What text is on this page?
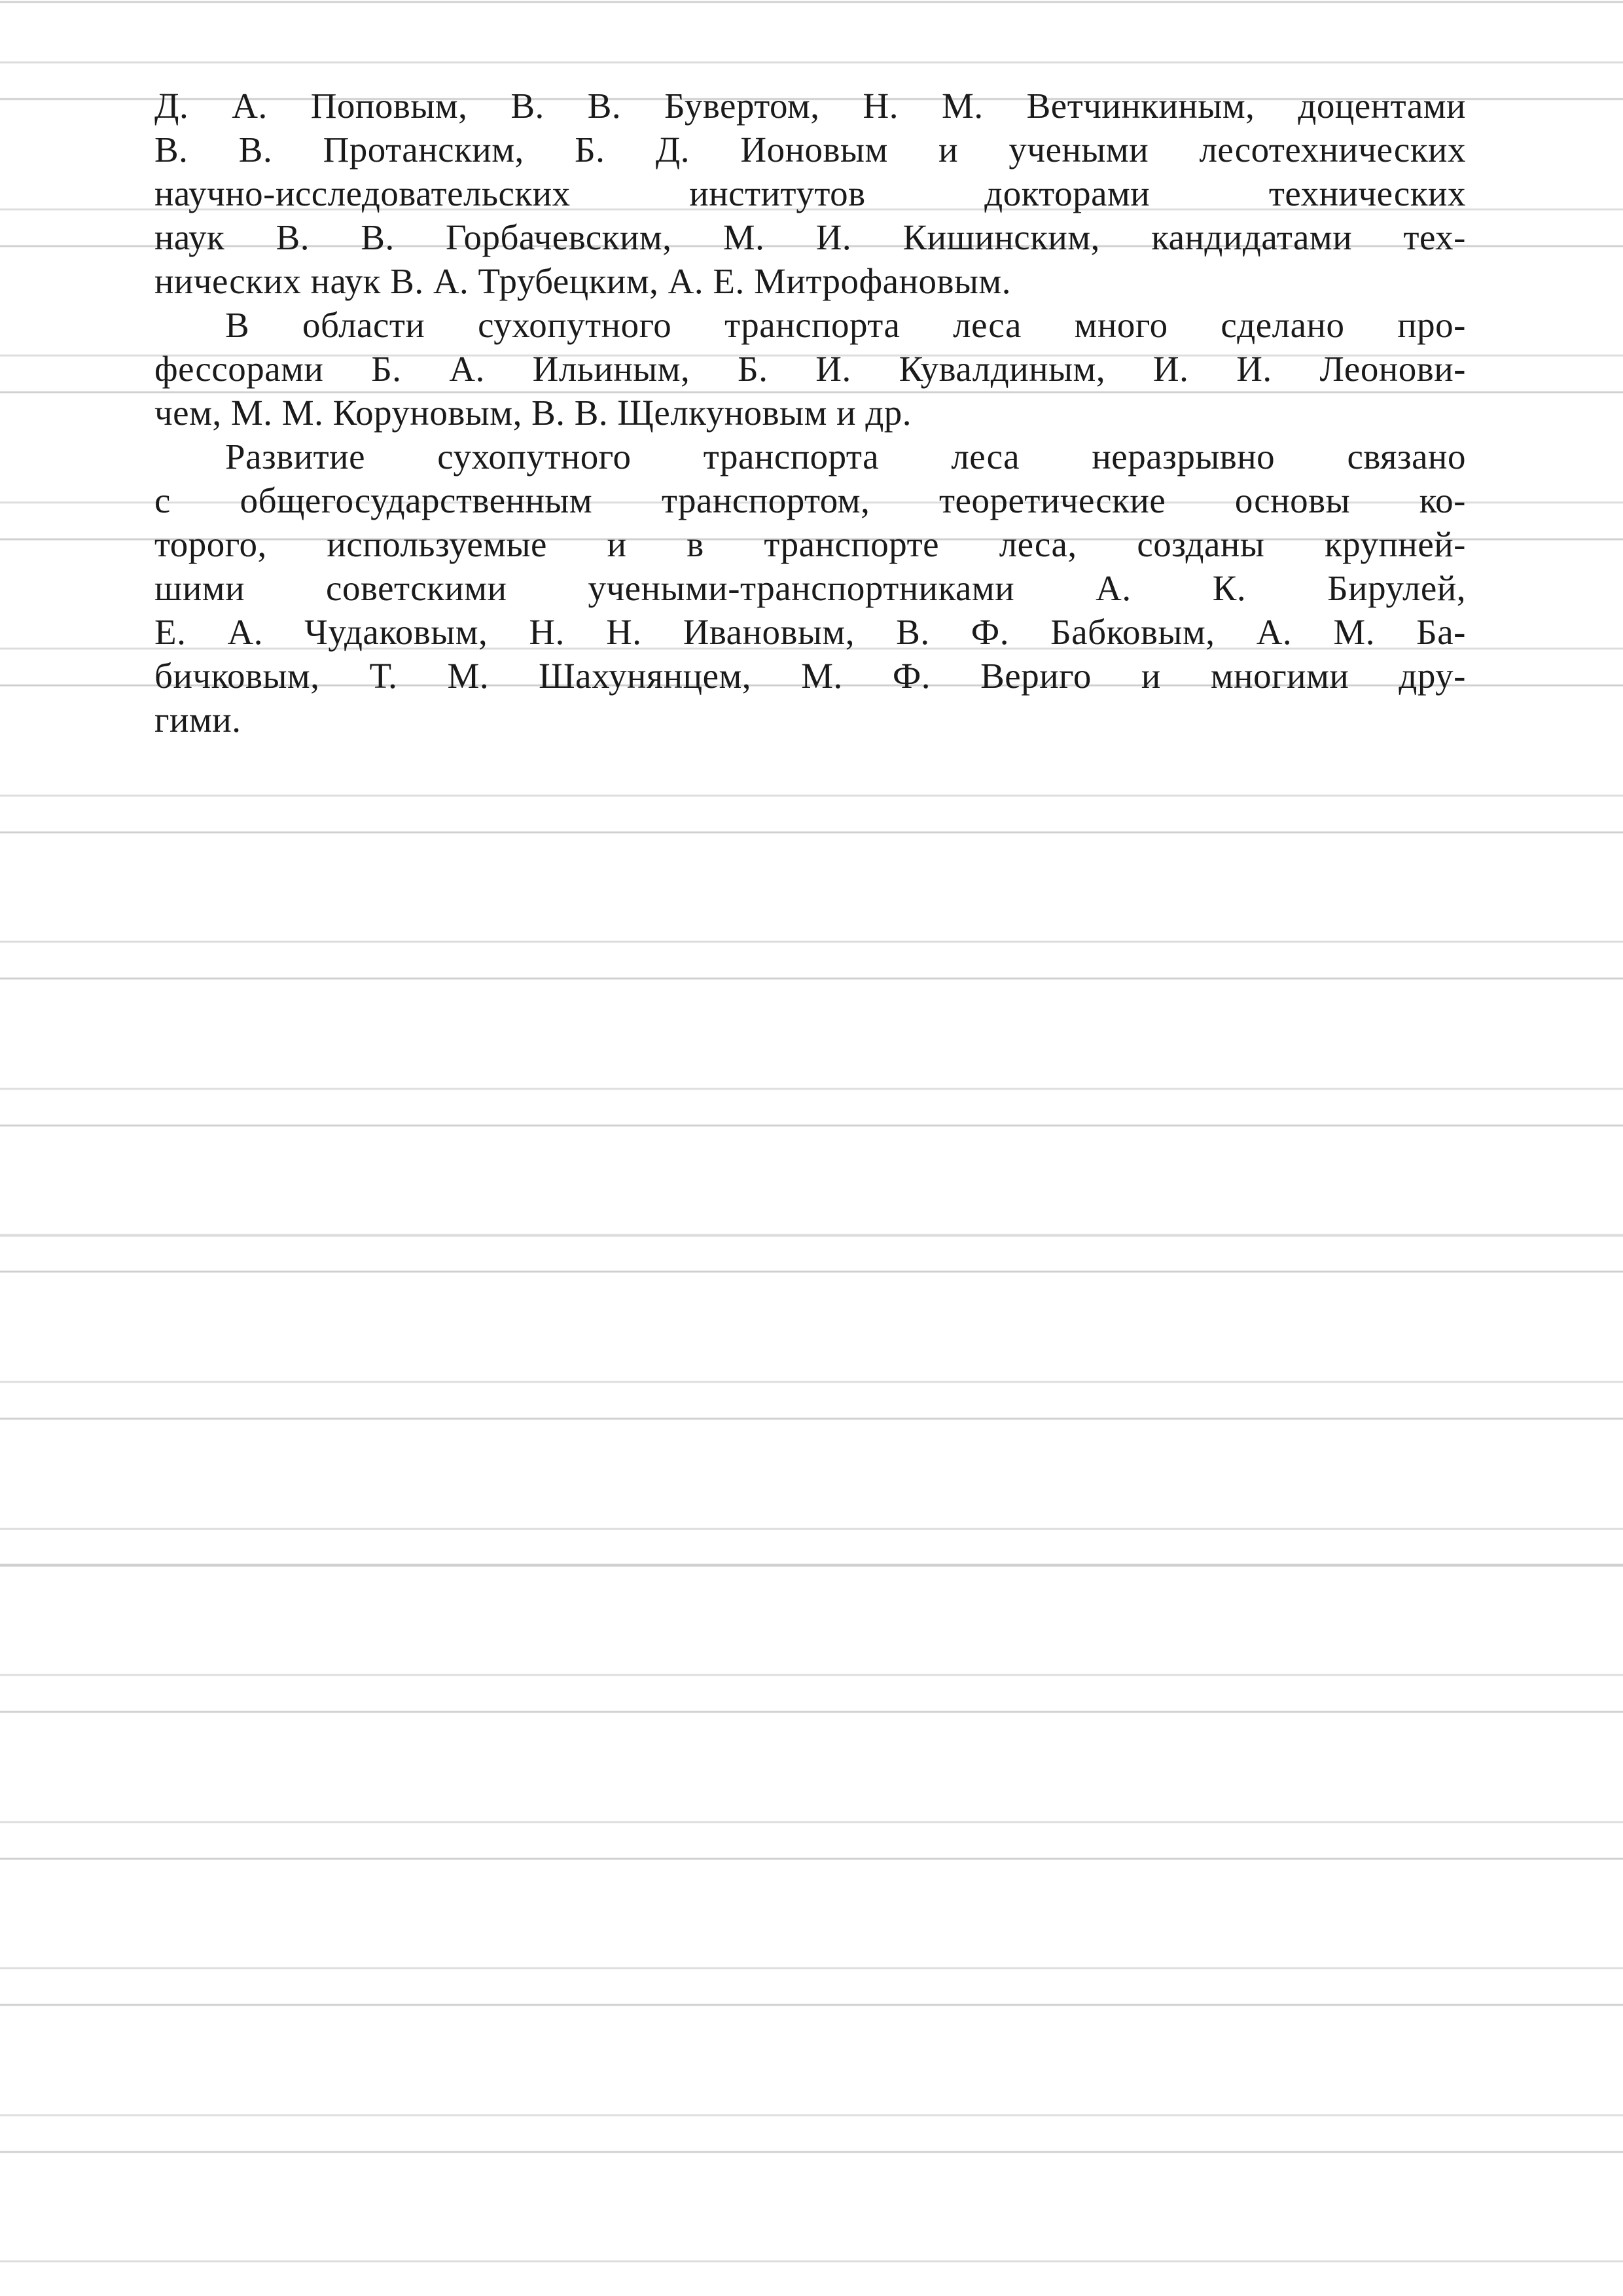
Д. А. Поповым, В. В. Бувертом, Н. М. Ветчинкиным, доцентами
В. В. Протанским, Б. Д. Ионовым и учеными лесотехнических
научно-исследовательских институтов докторами технических
наук В. В. Горбачевским, М. И. Кишинским, кандидатами тех-
нических наук В. А. Трубецким, А. Е. Митрофановым.
В области сухопутного транспорта леса много сделано про-
фессорами Б. А. Ильиным, Б. И. Кувалдиным, И. И. Леонови-
чем, М. М. Коруновым, В. В. Щелкуновым и др.
Развитие сухопутного транспорта леса неразрывно связано
с общегосударственным транспортом, теоретические основы ко-
торого, используемые и в транспорте леса, созданы крупней-
шими советскими учеными-транспортниками А. К. Бирулей,
Е. А. Чудаковым, Н. Н. Ивановым, В. Ф. Бабковым, А. М. Ба-
бичковым, Т. М. Шахунянцем, М. Ф. Вериго и многими дру-
гими.
